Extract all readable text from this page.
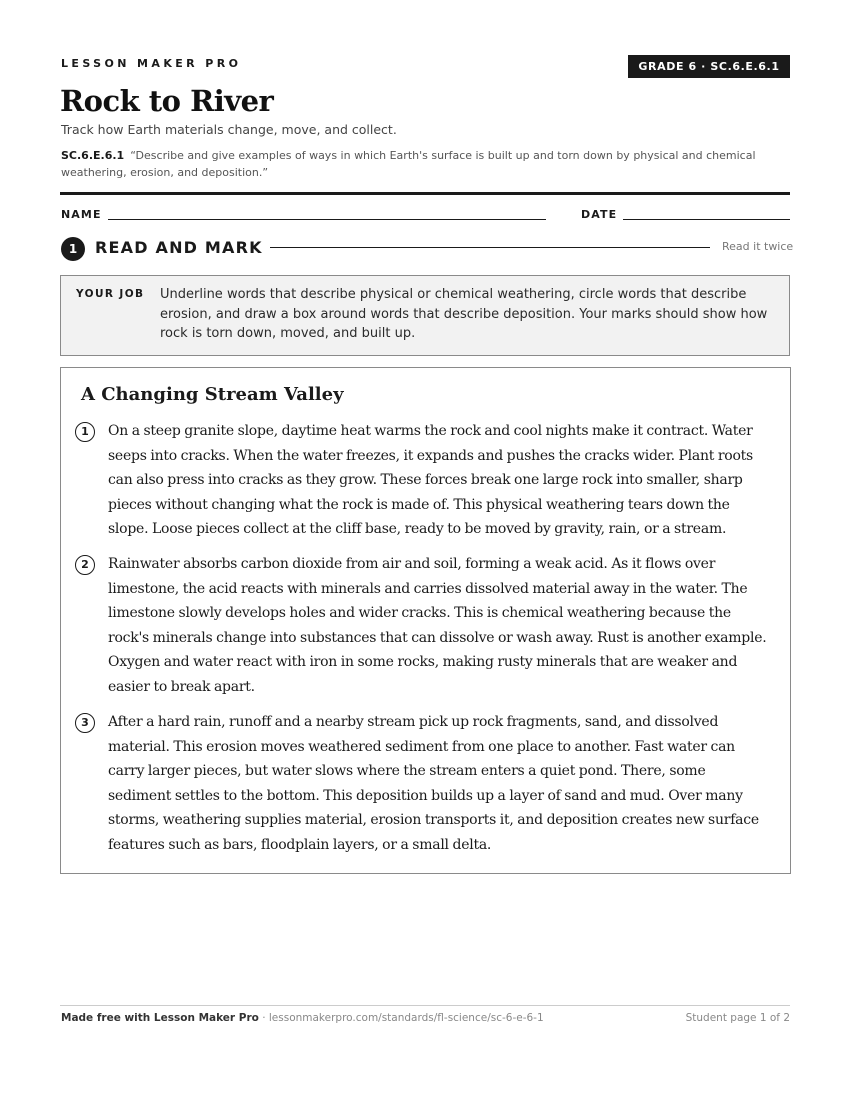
LESSON MAKER PRO	GRADE 6 · SC.6.E.6.1
Rock to River
Track how Earth materials change, move, and collect.
SC.6.E.6.1 “Describe and give examples of ways in which Earth's surface is built up and torn down by physical and chemical weathering, erosion, and deposition.”
NAME	DATE
1	READ AND MARK	Read it twice
YOUR JOB Underline words that describe physical or chemical weathering, circle words that describe erosion, and draw a box around words that describe deposition. Your marks should show how rock is torn down, moved, and built up.
A Changing Stream Valley
1	On a steep granite slope, daytime heat warms the rock and cool nights make it contract. Water seeps into cracks. When the water freezes, it expands and pushes the cracks wider. Plant roots can also press into cracks as they grow. These forces break one large rock into smaller, sharp pieces without changing what the rock is made of. This physical weathering tears down the slope. Loose pieces collect at the cliff base, ready to be moved by gravity, rain, or a stream.

2	Rainwater absorbs carbon dioxide from air and soil, forming a weak acid. As it flows over limestone, the acid reacts with minerals and carries dissolved material away in the water. The limestone slowly develops holes and wider cracks. This is chemical weathering because the rock's minerals change into substances that can dissolve or wash away. Rust is another example. Oxygen and water react with iron in some rocks, making rusty minerals that are weaker and easier to break apart.

3	After a hard rain, runoff and a nearby stream pick up rock fragments, sand, and dissolved material. This erosion moves weathered sediment from one place to another. Fast water can carry larger pieces, but water slows where the stream enters a quiet pond. There, some sediment settles to the bottom. This deposition builds up a layer of sand and mud. Over many storms, weathering supplies material, erosion transports it, and deposition creates new surface features such as bars, floodplain layers, or a small delta.

Made free with Lesson Maker Pro · lessonmakerpro.com/standards/fl-science/sc-6-e-6-1	Student page 1 of 2
